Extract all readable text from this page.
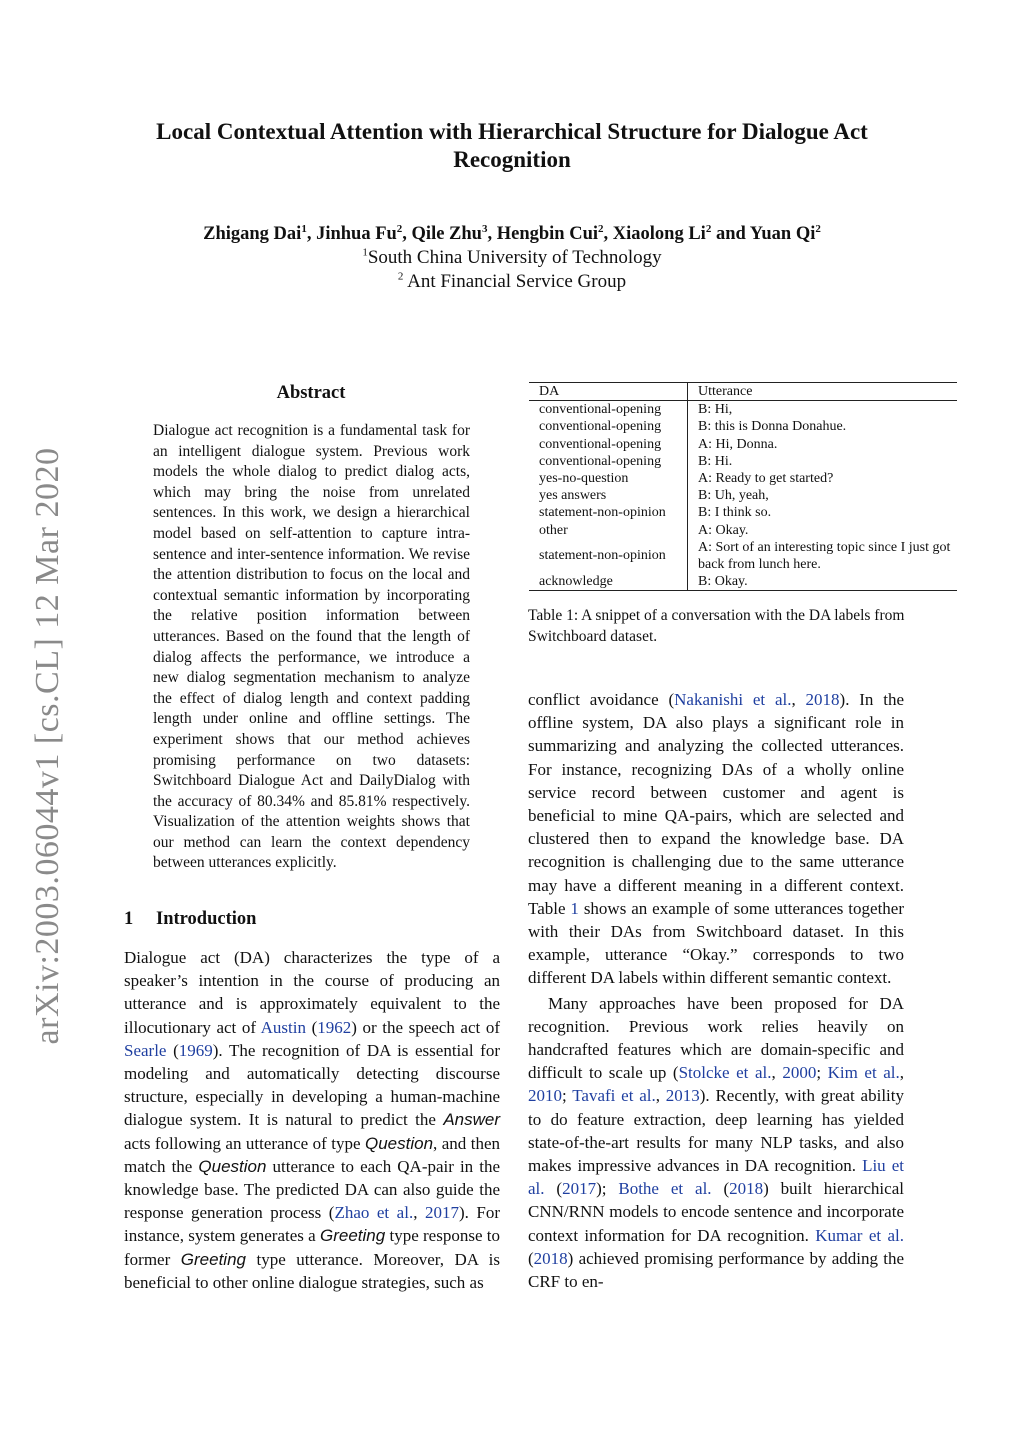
Local Contextual Attention with Hierarchical Structure for Dialogue Act Recognition
Zhigang Dai$^1$, Jinhua Fu$^2$, Qile Zhu$^3$, Hengbin Cui$^2$, Xiaolong Li$^2$ and Yuan Qi$^2$
$^1$South China University of Technology
$^2$ Ant Financial Service Group
arXiv:2003.06044v1 [cs.CL] 12 Mar 2020
Abstract
Dialogue act recognition is a fundamental task for an intelligent dialogue system. Previous work models the whole dialog to predict dialog acts, which may bring the noise from unrelated sentences. In this work, we design a hierarchical model based on self-attention to capture intra-sentence and inter-sentence information. We revise the attention distribution to focus on the local and contextual semantic information by incorporating the relative position information between utterances. Based on the found that the length of dialog affects the performance, we introduce a new dialog segmentation mechanism to analyze the effect of dialog length and context padding length under online and offline settings. The experiment shows that our method achieves promising performance on two datasets: Switchboard Dialogue Act and DailyDialog with the accuracy of 80.34% and 85.81% respectively. Visualization of the attention weights shows that our method can learn the context dependency between utterances explicitly.
1 Introduction

Dialogue act (DA) characterizes the type of a speaker’s intention in the course of producing an utterance and is approximately equivalent to the illocutionary act of Austin (1962) or the speech act of Searle (1969). The recognition of DA is essential for modeling and automatically detecting discourse structure, especially in developing a human-machine dialogue system. It is natural to predict the Answer acts following an utterance of type Question, and then match the Question utterance to each QA-pair in the knowledge base. The predicted DA can also guide the response generation process (Zhao et al., 2017). For instance, system generates a Greeting type response to former Greeting type utterance. Moreover, DA is beneficial to other online dialogue strategies, such as

DA	Utterance
conventional-opening	B: Hi,
conventional-opening	B: this is Donna Donahue.
conventional-opening	A: Hi, Donna.
conventional-opening	B: Hi.
yes-no-question	A: Ready to get started?
yes answers	B: Uh, yeah,
statement-non-opinion	B: I think so.
other	A: Okay.
statement-non-opinion	A: Sort of an interesting topic since I just got back from lunch here.
acknowledge	B: Okay.
Table 1: A snippet of a conversation with the DA labels from Switchboard dataset.

conflict avoidance (Nakanishi et al., 2018). In the offline system, DA also plays a significant role in summarizing and analyzing the collected utterances. For instance, recognizing DAs of a wholly online service record between customer and agent is beneficial to mine QA-pairs, which are selected and clustered then to expand the knowledge base. DA recognition is challenging due to the same utterance may have a different meaning in a different context. Table 1 shows an example of some utterances together with their DAs from Switchboard dataset. In this example, utterance “Okay.” corresponds to two different DA labels within different semantic context.

Many approaches have been proposed for DA recognition. Previous work relies heavily on handcrafted features which are domain-specific and difficult to scale up (Stolcke et al., 2000; Kim et al., 2010; Tavafi et al., 2013). Recently, with great ability to do feature extraction, deep learning has yielded state-of-the-art results for many NLP tasks, and also makes impressive advances in DA recognition. Liu et al. (2017); Bothe et al. (2018) built hierarchical CNN/RNN models to encode sentence and incorporate context information for DA recognition. Kumar et al. (2018) achieved promising performance by adding the CRF to en-
